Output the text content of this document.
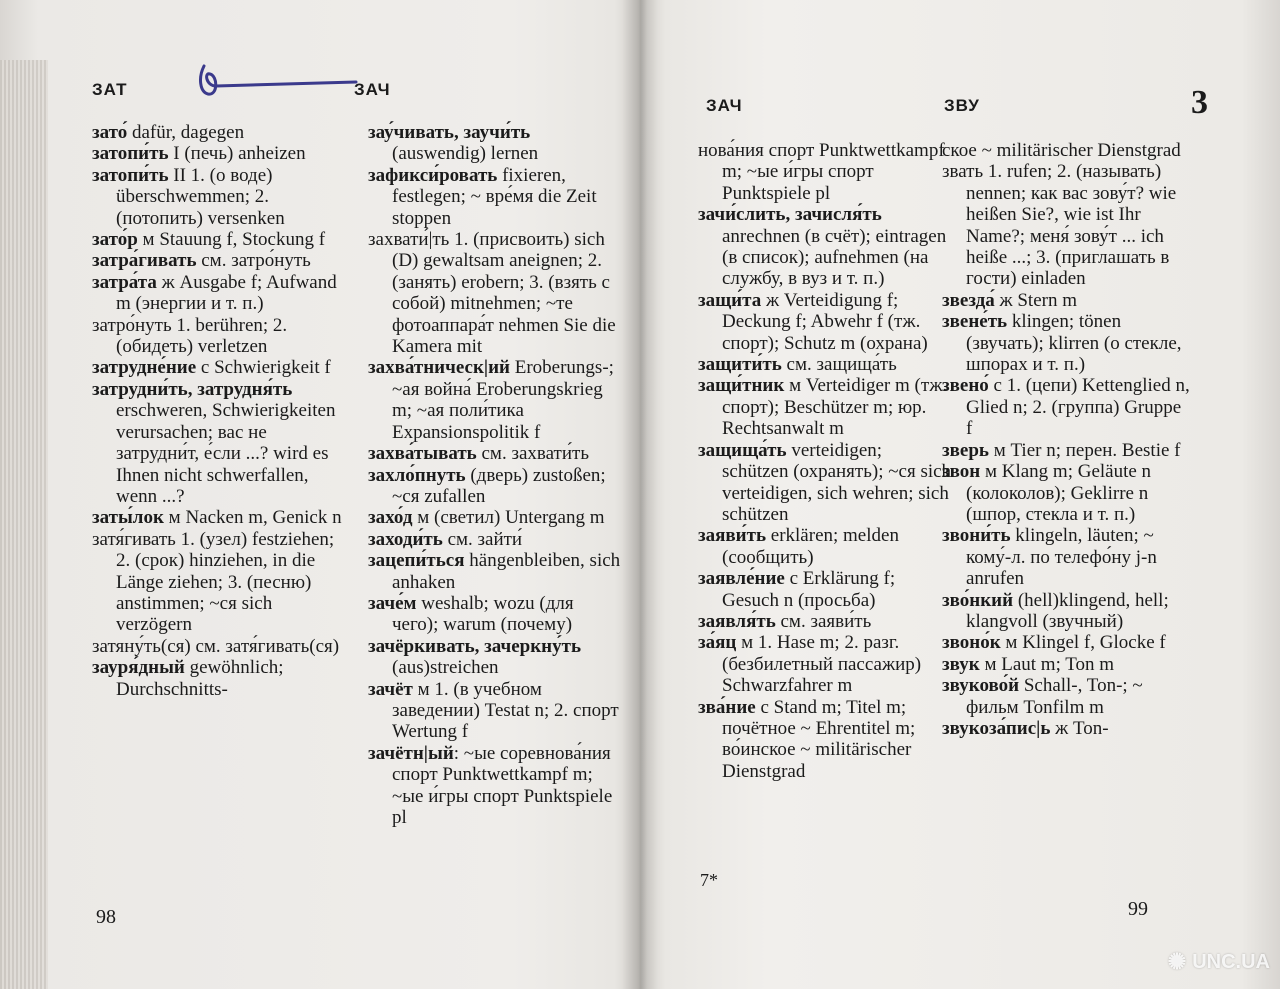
ЗАТ	ЗАЧ

зато́ dafür, dagegen

затопи́ть I (печь) anheizen

затопи́ть II 1. (о воде) überschwemmen; 2. (потопить) versenken

зато́р м Stauung f, Stockung f

затра́гивать см. затро́нуть

затра́та ж Ausgabe f; Aufwand m (энергии и т. п.)

затро́нуть 1. berühren; 2. (обидеть) verletzen

затрудне́ние с Schwierigkeit f

затрудни́ть, затрудня́ть erschweren, Schwierigkeiten verursachen; вас не затрудни́т, е́сли ...? wird es Ihnen nicht schwerfallen, wenn ...?

заты́лок м Nacken m, Genick n

затя́гивать 1. (узел) festziehen; 2. (срок) hinziehen, in die Länge ziehen; 3. (песню) anstimmen; ~ся sich verzögern

затяну́ть(ся) см. затя́гивать(ся)

зауря́дный gewöhnlich; Durchschnitts-

зау́чивать, заучи́ть (auswendig) lernen

зафикси́ровать fixieren, festlegen; ~ вре́мя die Zeit stoppen

захвати́|ть 1. (присвоить) sich (D) gewaltsam aneignen; 2. (занять) erobern; 3. (взять с собой) mitnehmen; ~те фотоаппара́т nehmen Sie die Kamera mit

захва́тническ|ий Eroberungs-; ~ая война́ Eroberungskrieg m; ~ая поли́тика Expansionspolitik f

захва́тывать см. захвати́ть

захло́пнуть (дверь) zustoßen; ~ся zufallen

захо́д м (светил) Untergang m

заходи́ть см. зайти́

зацепи́ться hängenbleiben, sich anhaken

заче́м weshalb; wozu (для чего); warum (почему)

зачёркивать, зачеркну́ть (aus)streichen

зачёт м 1. (в учебном заведении) Testat n; 2. спорт Wertung f

зачётн|ый: ~ые соревнова́ния спорт Punktwettkampf m; ~ые и́гры спорт Punktspiele pl

98
ЗАЧ	ЗВУ	3

нова́ния спорт Punktwettkampf m; ~ые и́гры спорт Punktspiele pl

зачи́слить, зачисля́ть anrechnen (в счёт); eintragen (в список); aufnehmen (на службу, в вуз и т. п.)

защи́та ж Verteidigung f; Deckung f; Abwehr f (тж. спорт); Schutz m (охрана)

защити́ть см. защища́ть

защи́тник м Verteidiger m (тж. спорт); Beschützer m; юр. Rechtsanwalt m

защища́ть verteidigen; schützen (охранять); ~ся sich verteidigen, sich wehren; sich schützen

заяви́ть erklären; melden (сообщить)

заявле́ние с Erklärung f; Gesuch n (просьба)

заявля́ть см. заяви́ть

за́яц м 1. Hase m; 2. разг. (безбилетный пассажир) Schwarzfahrer m

зва́ние с Stand m; Titel m; почётное ~ Ehrentitel m; во́инское ~ militärischer Dienstgrad

ское ~ militärischer Dienstgrad

звать 1. rufen; 2. (называть) nennen; как вас зову́т? wie heißen Sie?, wie ist Ihr Name?; меня́ зову́т ... ich heiße ...; 3. (приглашать в гости) einladen

звезда́ ж Stern m

звене́ть klingen; tönen (звучать); klirren (о стекле, шпорах и т. п.)

звено́ с 1. (цепи) Kettenglied n, Glied n; 2. (группа) Gruppe f

зверь м Tier n; перен. Bestie f

звон м Klang m; Geläute n (колоколов); Geklirre n (шпор, стекла и т. п.)

звони́ть klingeln, läuten; ~ кому́-л. по телефо́ну j-n anrufen

зво́нкий (hell)klingend, hell; klangvoll (звучный)

звоно́к м Klingel f, Glocke f

звук м Laut m; Ton m

звуково́й Schall-, Ton-; ~ фильм Tonfilm m

звукоза́пис|ь ж Ton-

7*
99
✺ UNC.UA
